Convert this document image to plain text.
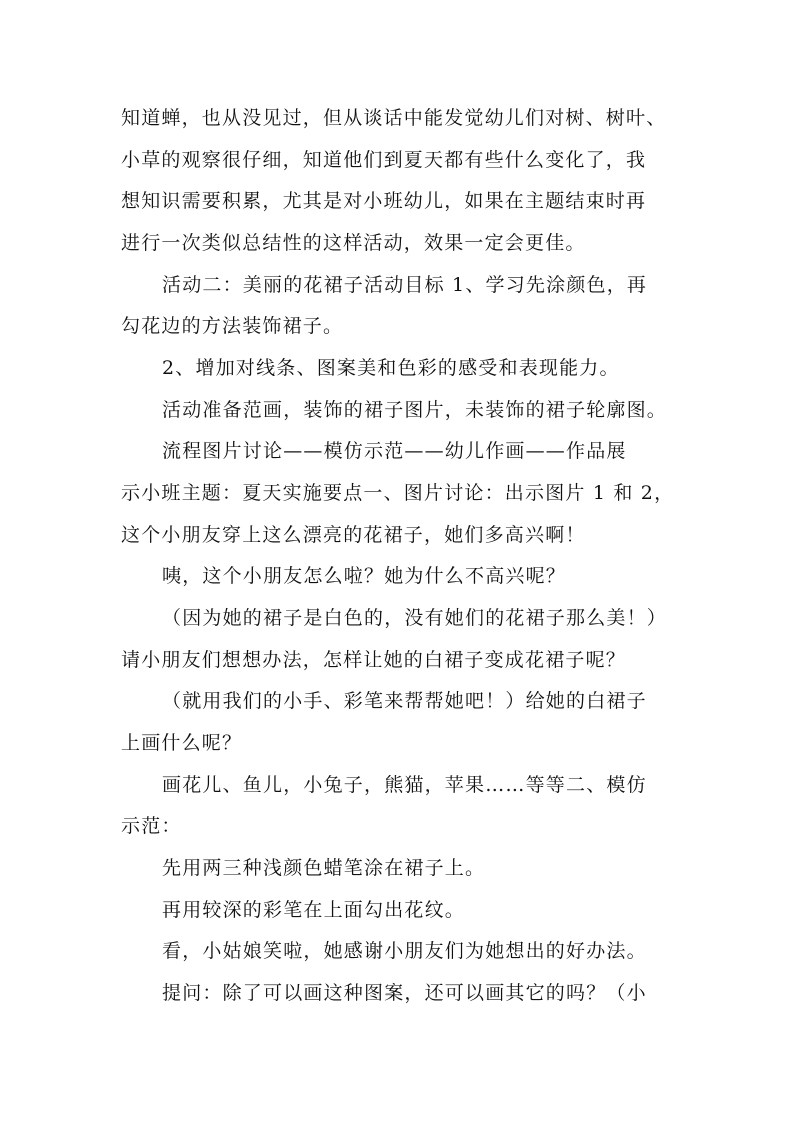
知道蝉，也从没见过，但从谈话中能发觉幼儿们对树、树叶、
小草的观察很仔细，知道他们到夏天都有些什么变化了，我
想知识需要积累，尤其是对小班幼儿，如果在主题结束时再
进行一次类似总结性的这样活动，效果一定会更佳。
活动二：美丽的花裙子活动目标 1、学习先涂颜色，再
勾花边的方法装饰裙子。
2、增加对线条、图案美和色彩的感受和表现能力。
活动准备范画，装饰的裙子图片，未装饰的裙子轮廓图。
流程图片讨论——模仿示范——幼儿作画——作品展
示小班主题：夏天实施要点一、图片讨论：出示图片 1 和 2，
这个小朋友穿上这么漂亮的花裙子，她们多高兴啊！
咦，这个小朋友怎么啦？她为什么不高兴呢？
（因为她的裙子是白色的，没有她们的花裙子那么美！）
请小朋友们想想办法，怎样让她的白裙子变成花裙子呢？
（就用我们的小手、彩笔来帮帮她吧！）给她的白裙子
上画什么呢？
画花儿、鱼儿，小兔子，熊猫，苹果……等等二、模仿
示范：
先用两三种浅颜色蜡笔涂在裙子上。
再用较深的彩笔在上面勾出花纹。
看，小姑娘笑啦，她感谢小朋友们为她想出的好办法。
提问：除了可以画这种图案，还可以画其它的吗？（小
